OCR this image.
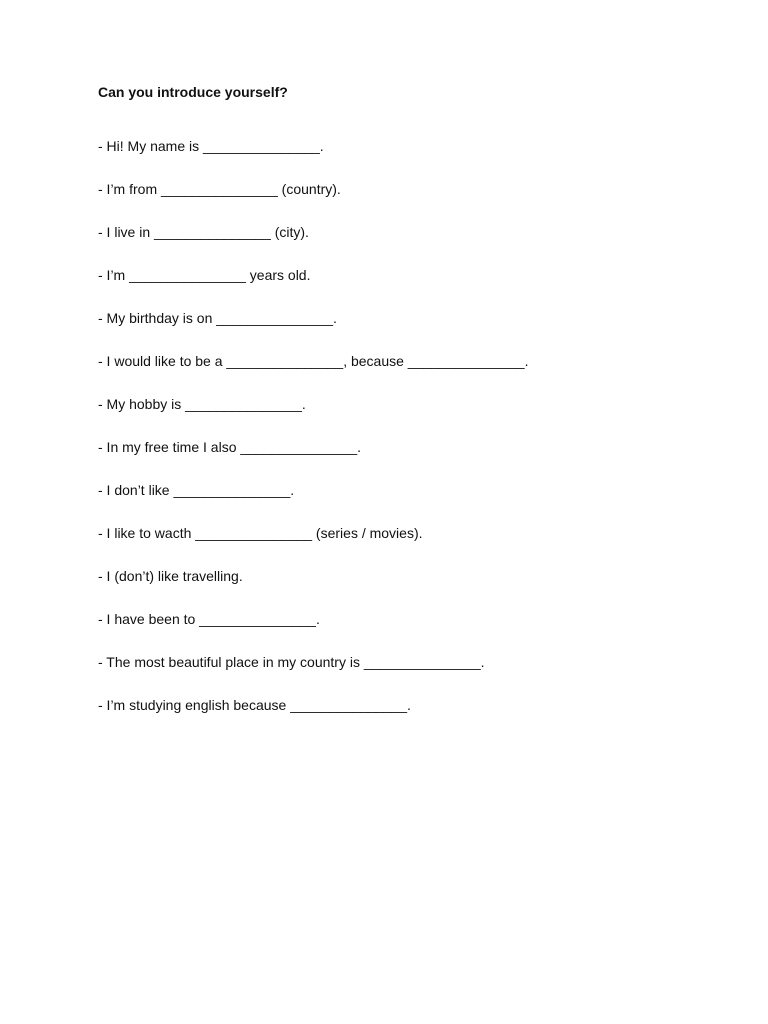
Can you introduce yourself?
- Hi! My name is _______________.
- I’m from _______________ (country).
- I live in _______________ (city).
- I’m _______________ years old.
- My birthday is on _______________.
- I would like to be a _______________, because _______________.
- My hobby is _______________.
- In my free time I also _______________.
- I don’t like _______________.
- I like to wacth _______________ (series / movies).
- I (don’t) like travelling.
- I have been to _______________.
- The most beautiful place in my country is _______________.
- I’m studying english because _______________.
